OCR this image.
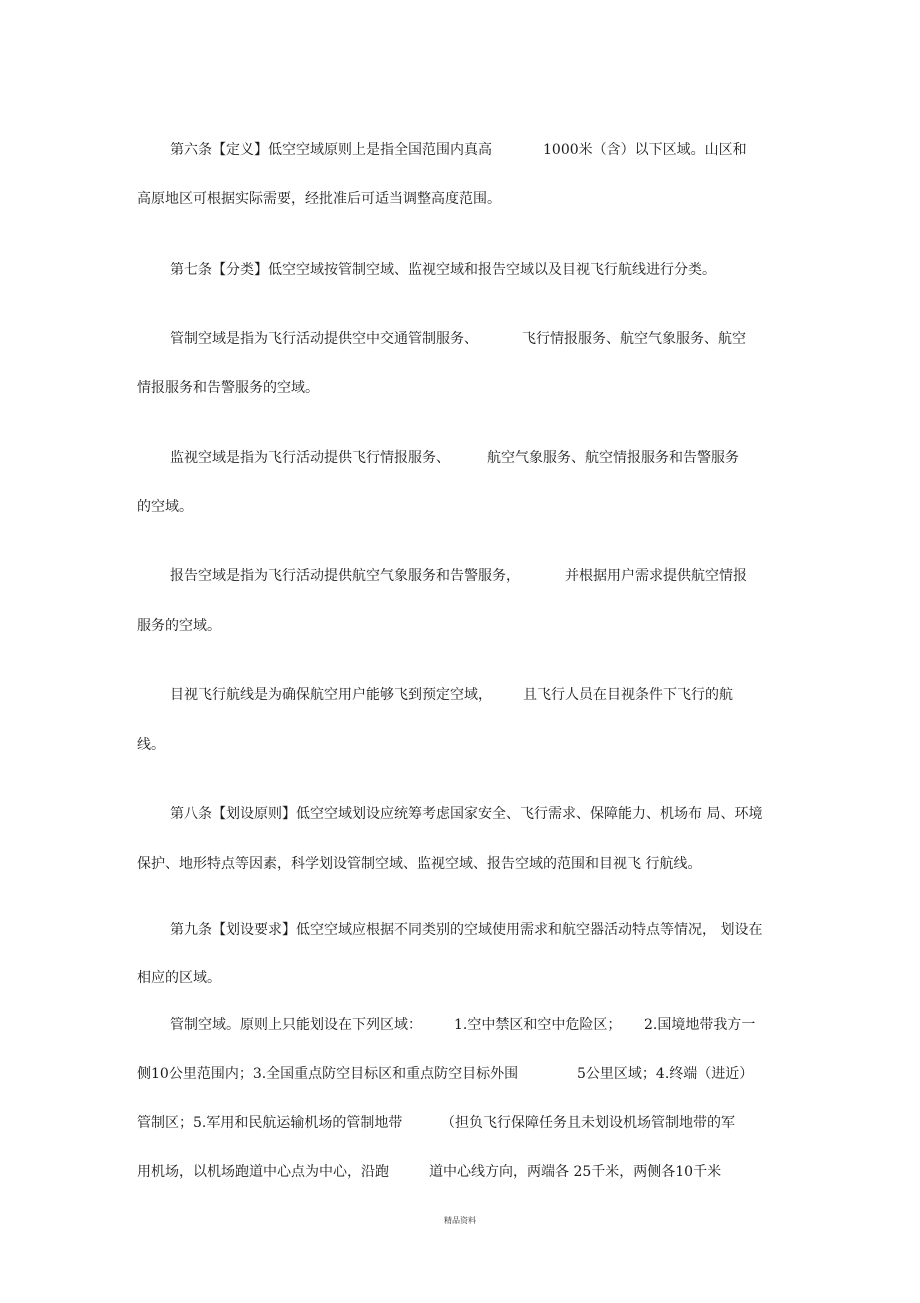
第六条【定义】低空空域原则上是指全国范围内真高	1000米（含）以下区域。山区和
高原地区可根据实际需要，经批准后可适当调整高度范围。
第七条【分类】低空空域按管制空域、监视空域和报告空域以及目视飞行航线进行分类。
管制空域是指为飞行活动提供空中交通管制服务、	飞行情报服务、航空气象服务、航空
情报服务和告警服务的空域。
监视空域是指为飞行活动提供飞行情报服务、	航空气象服务、航空情报服务和告警服务
的空域。
报告空域是指为飞行活动提供航空气象服务和告警服务，	并根据用户需求提供航空情报
服务的空域。
目视飞行航线是为确保航空用户能够飞到预定空域， 且飞行人员在目视条件下飞行的航
线。
第八条【划设原则】低空空域划设应统筹考虑国家安全、飞行需求、保障能力、机场布 局、环境
保护、地形特点等因素，科学划设管制空域、监视空域、报告空域的范围和目视飞 行航线。
第九条【划设要求】低空空域应根据不同类别的空域使用需求和航空器活动特点等情况， 划设在
相应的区域。
管制空域。原则上只能划设在下列区域： 1.空中禁区和空中危险区； 2.国境地带我方一
侧10公里范围内；3.全国重点防空目标区和重点防空目标外围	5公里区域；4.终端（进近）
管制区；5.军用和民航运输机场的管制地带	（担负飞行保障任务且未划设机场管制地带的军
用机场，以机场跑道中心点为中心，沿跑	道中心线方向，两端各 25千米，两侧各10千米
精品资料
